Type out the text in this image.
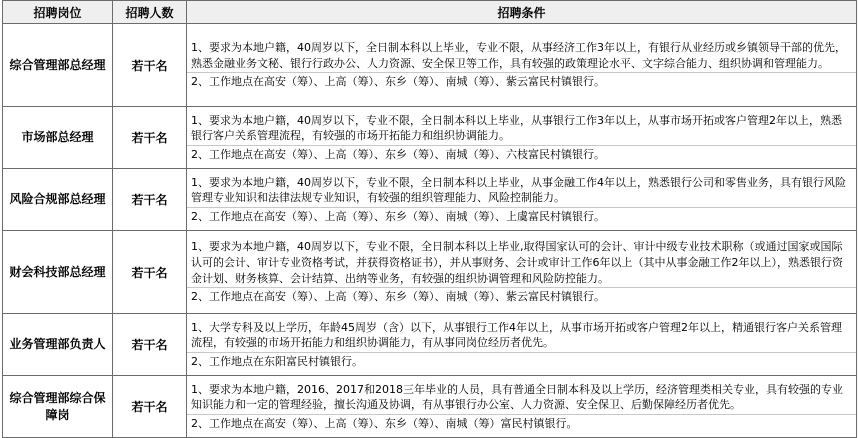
招聘岗位	招聘人数	招聘条件
综合管理部总经理	若干名	1、要求为本地户籍，40周岁以下，全日制本科以上毕业，专业不限，从事经济工作3年以上，有银行从业经历或乡镇领导干部的优先，熟悉金融业务文秘、银行行政办公、人力资源、安全保卫等工作，具有较强的政策理论水平、文字综合能力、组织协调和管理能力。
2、工作地点在高安（筹）、上高（筹）、东乡（筹）、南城（筹）、紫云富民村镇银行。

市场部总经理	若干名	1、要求为本地户籍，40周岁以下，专业不限，全日制本科以上毕业，从事银行工作3年以上，从事市场开拓或客户管理2年以上，熟悉银行客户关系管理流程，有较强的市场开拓能力和组织协调能力。
2、工作地点在高安（筹）、上高（筹）、东乡（筹）、南城（筹）、六枝富民村镇银行。

风险合规部总经理	若干名	1、要求为本地户籍，40周岁以下，专业不限，全日制本科以上毕业，从事金融工作4年以上，熟悉银行公司和零售业务，具有银行风险管理专业知识和法律法规专业知识，有较强的组织管理能力、风险控制能力。
2、工作地点在高安（筹）、上高（筹）、东乡（筹）、南城（筹）、上虞富民村镇银行。

财会科技部总经理	若干名	1、要求为本地户籍，40周岁以下，专业不限，全日制本科以上毕业,取得国家认可的会计、审计中级专业技术职称（或通过国家或国际认可的会计、审计专业资格考试，并获得资格证书），并从事财务、会计或审计工作6年以上（其中从事金融工作2年以上），熟悉银行资金计划、财务核算、会计结算、出纳等业务，有较强的组织协调管理和风险防控能力。
2、工作地点在高安（筹）、上高（筹）、东乡（筹）、南城（筹）、紫云富民村镇银行。

业务管理部负责人	若干名	1、大学专科及以上学历，年龄45周岁（含）以下，从事银行工作4年以上，从事市场开拓或客户管理2年以上，精通银行客户关系管理流程，有较强的市场开拓能力和组织协调能力，有从事同岗位经历者优先。
2、工作地点在东阳富民村镇银行。

综合管理部综合保障岗	若干名	1、要求为本地户籍，2016、2017和2018三年毕业的人员，具有普通全日制本科及以上学历，经济管理类相关专业，具有较强的专业知识能力和一定的管理经验，擅长沟通及协调，有从事银行办公室、人力资源、安全保卫、后勤保障经历者优先。
2、工作地点在高安（筹）、上高（筹）、东乡（筹）、南城（筹）富民村镇银行。
